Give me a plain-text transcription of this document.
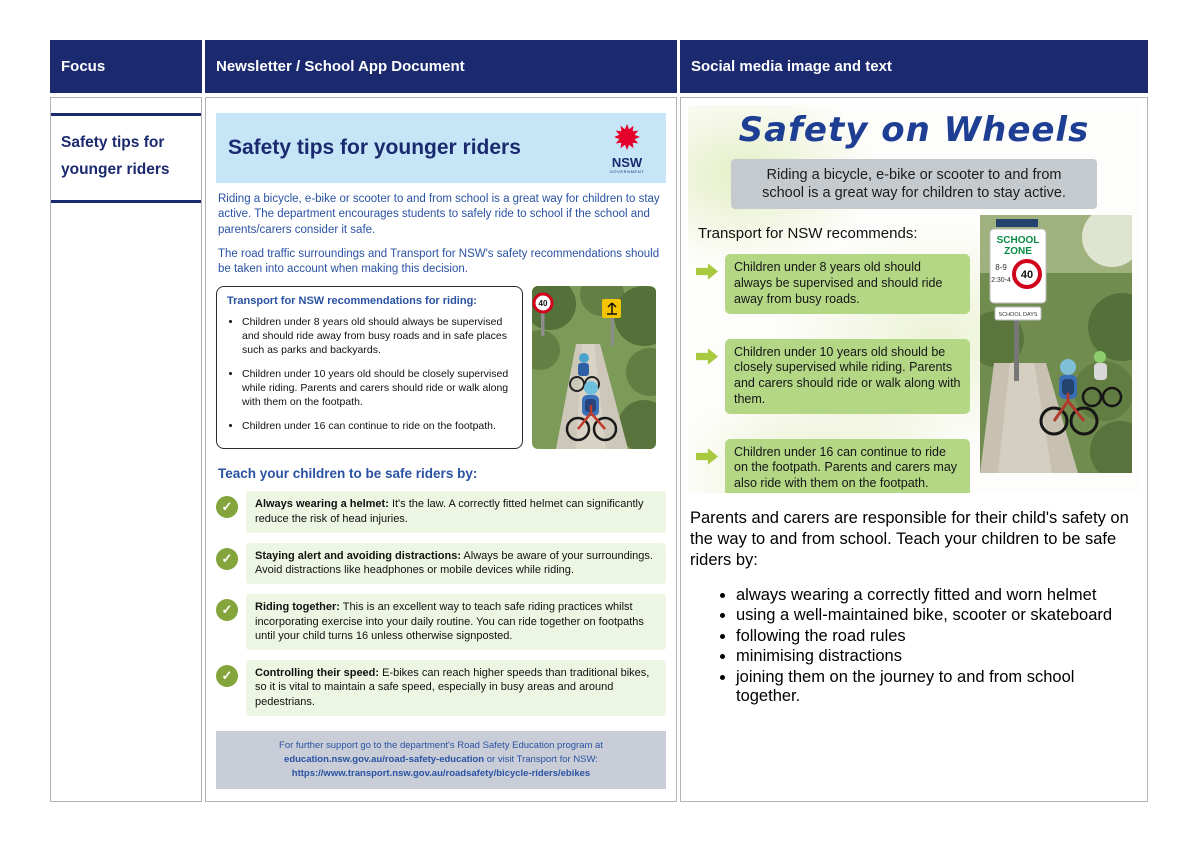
Focus	Newsletter / School App Document	Social media image and text
Safety tips for younger riders
Safety tips for younger riders
NSW
GOVERNMENT

Riding a bicycle, e-bike or scooter to and from school is a great way for children to stay active. The department encourages students to safely ride to school if the school and parents/carers consider it safe.

The road traffic surroundings and Transport for NSW's safety recommendations should be taken into account when making this decision.

Transport for NSW recommendations for riding:
• Children under 8 years old should always be supervised and should ride away from busy roads and in safe places such as parks and backyards.
• Children under 10 years old should be closely supervised while riding. Parents and carers should ride or walk along with them on the footpath.
• Children under 16 can continue to ride on the footpath.
40
Teach your children to be safe riders by:
✓	Always wearing a helmet: It's the law. A correctly fitted helmet can significantly reduce the risk of head injuries.

✓	Staying alert and avoiding distractions: Always be aware of your surroundings. Avoid distractions like headphones or mobile devices while riding.

✓	Riding together: This is an excellent way to teach safe riding practices whilst incorporating exercise into your daily routine. You can ride together on footpaths until your child turns 16 unless otherwise signposted.

✓	Controlling their speed: E-bikes can reach higher speeds than traditional bikes, so it is vital to maintain a safe speed, especially in busy areas and around pedestrians.

For further support go to the department's Road Safety Education program at
education.nsw.gov.au/road-safety-education or visit Transport for NSW:
https://www.transport.nsw.gov.au/roadsafety/bicycle-riders/ebikes
Safety on Wheels
Riding a bicycle, e-bike or scooter to and from school is a great way for children to stay active.
Transport for NSW recommends:
Children under 8 years old should always be supervised and should ride away from busy roads.
Children under 10 years old should be closely supervised while riding. Parents and carers should ride or walk along with them.
Children under 16 can continue to ride on the footpath. Parents and carers may also ride with them on the footpath.
SCHOOL
ZONE
8-9
2:30-4 40
SCHOOL DAYS
Parents and carers are responsible for their child's safety on the way to and from school. Teach your children to be safe riders by:
• always wearing a correctly fitted and worn helmet
• using a well-maintained bike, scooter or skateboard
• following the road rules
• minimising distractions
• joining them on the journey to and from school together.
